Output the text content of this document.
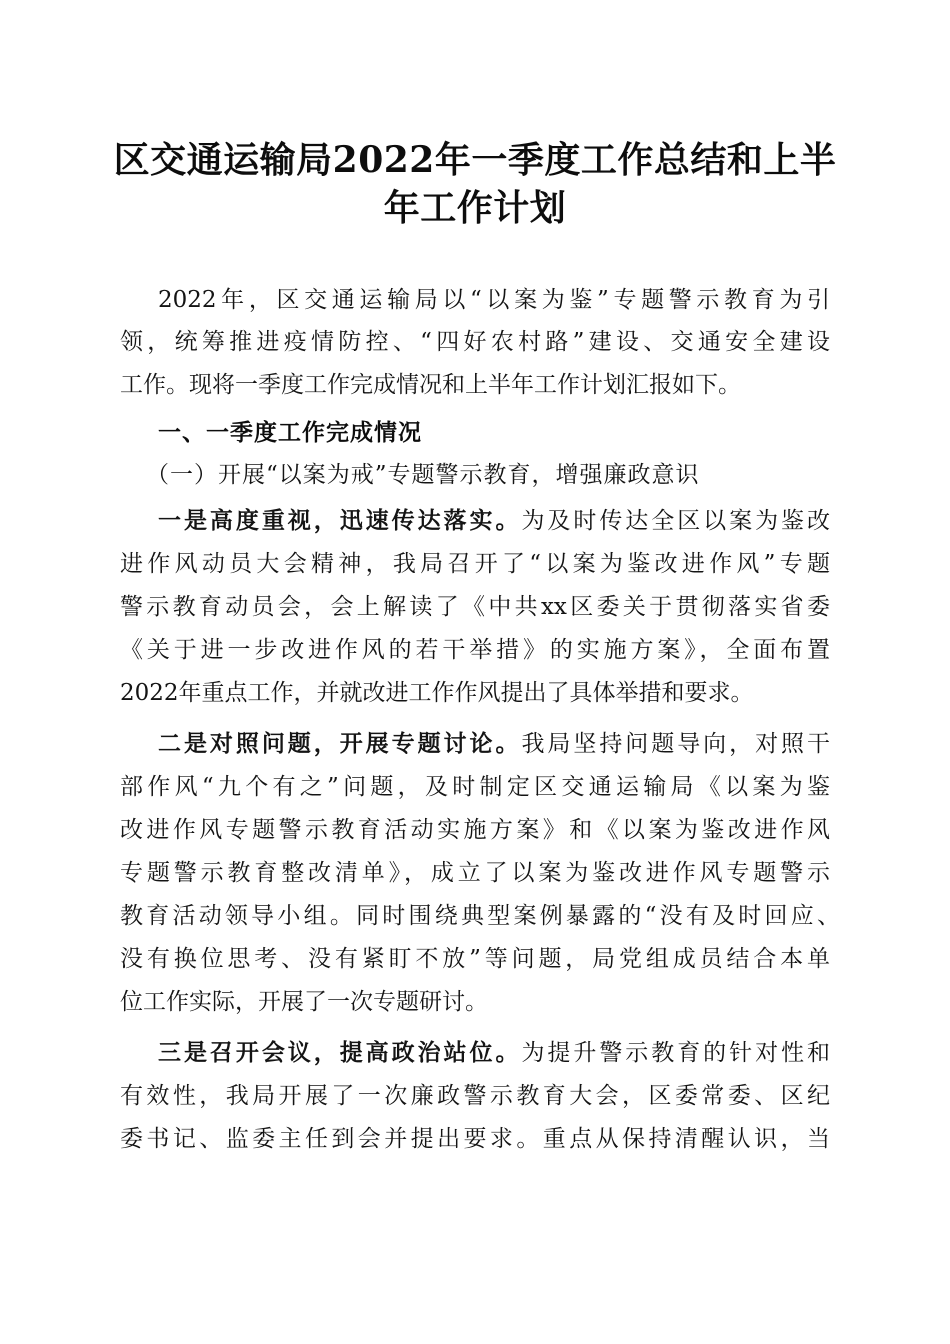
区交通运输局2022年一季度工作总结和上半
年工作计划
2022年，区交通运输局以“以案为鉴”专题警示教育为引
领，统筹推进疫情防控、“四好农村路”建设、交通安全建设
工作。现将一季度工作完成情况和上半年工作计划汇报如下。
一、一季度工作完成情况
（一）开展“以案为戒”专题警示教育，增强廉政意识
一是高度重视，迅速传达落实。为及时传达全区以案为鉴改
进作风动员大会精神，我局召开了“以案为鉴改进作风”专题
警示教育动员会，会上解读了《中共xx区委关于贯彻落实省委
《关于进一步改进作风的若干举措》的实施方案》，全面布置
2022年重点工作，并就改进工作作风提出了具体举措和要求。
二是对照问题，开展专题讨论。我局坚持问题导向，对照干
部作风“九个有之”问题，及时制定区交通运输局《以案为鉴
改进作风专题警示教育活动实施方案》和《以案为鉴改进作风
专题警示教育整改清单》，成立了以案为鉴改进作风专题警示
教育活动领导小组。同时围绕典型案例暴露的“没有及时回应、
没有换位思考、没有紧盯不放”等问题，局党组成员结合本单
位工作实际，开展了一次专题研讨。
三是召开会议，提高政治站位。为提升警示教育的针对性和
有效性，我局开展了一次廉政警示教育大会，区委常委、区纪
委书记、监委主任到会并提出要求。重点从保持清醒认识，当
